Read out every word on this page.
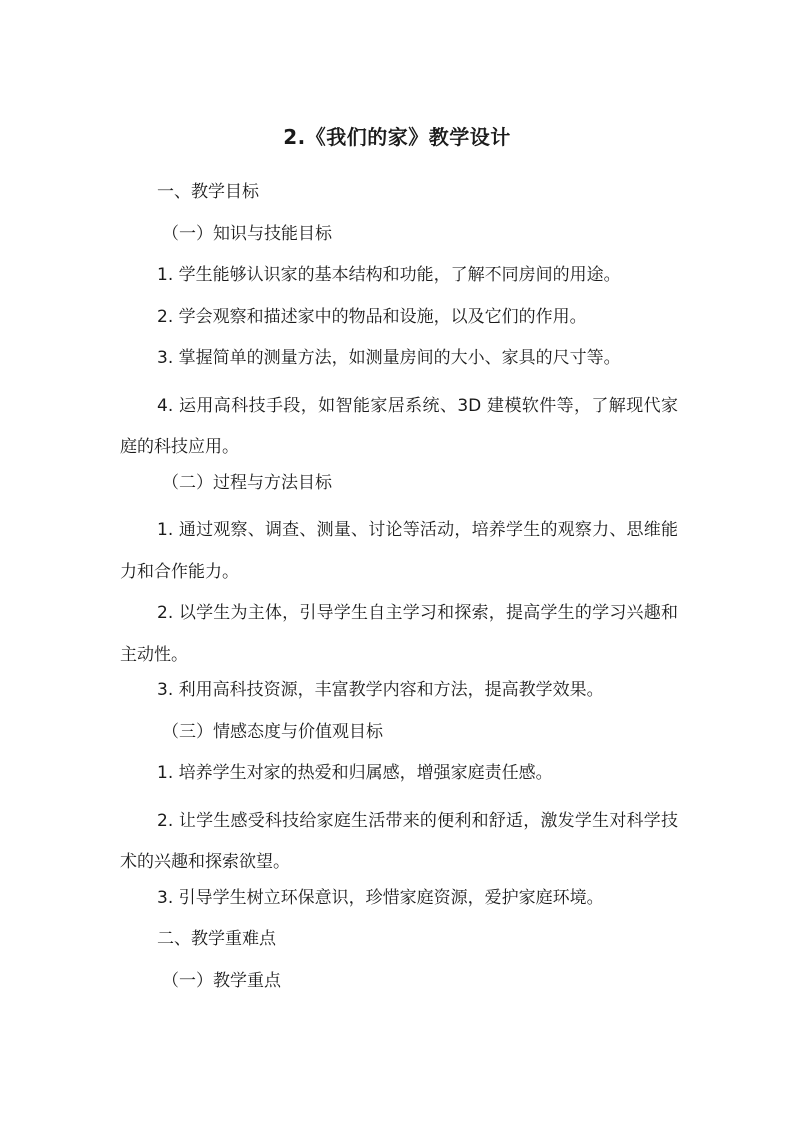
2.《我们的家》教学设计
一、教学目标
（一）知识与技能目标
1. 学生能够认识家的基本结构和功能，了解不同房间的用途。
2. 学会观察和描述家中的物品和设施，以及它们的作用。
3. 掌握简单的测量方法，如测量房间的大小、家具的尺寸等。
4. 运用高科技手段，如智能家居系统、3D 建模软件等，了解现代家庭的科技应用。
（二）过程与方法目标
1. 通过观察、调查、测量、讨论等活动，培养学生的观察力、思维能力和合作能力。
2. 以学生为主体，引导学生自主学习和探索，提高学生的学习兴趣和主动性。
3. 利用高科技资源，丰富教学内容和方法，提高教学效果。
（三）情感态度与价值观目标
1. 培养学生对家的热爱和归属感，增强家庭责任感。
2. 让学生感受科技给家庭生活带来的便利和舒适，激发学生对科学技术的兴趣和探索欲望。
3. 引导学生树立环保意识，珍惜家庭资源，爱护家庭环境。
二、教学重难点
（一）教学重点
